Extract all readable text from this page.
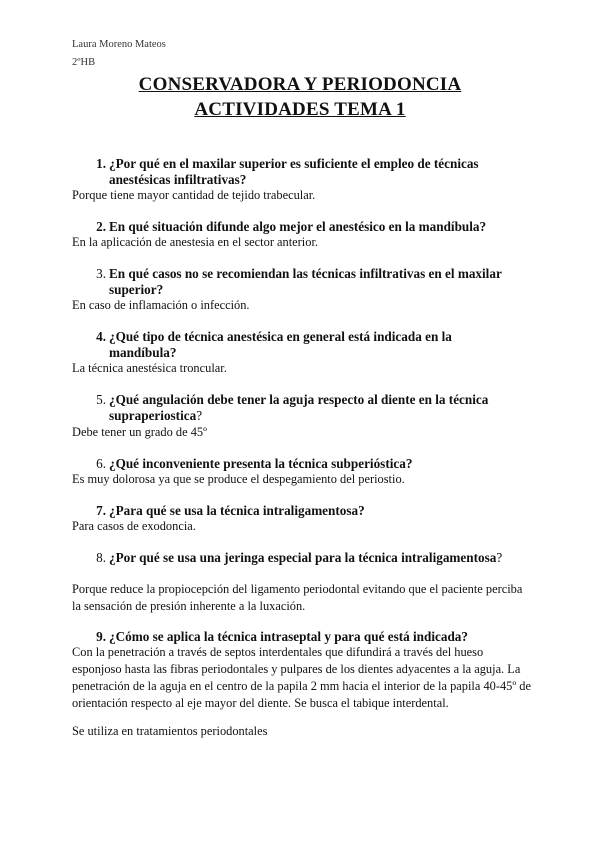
Laura Moreno Mateos
2ºHB
CONSERVADORA Y PERIODONCIA
ACTIVIDADES TEMA 1
1. ¿Por qué en el maxilar superior es suficiente el empleo de técnicas anestésicas infiltrativas?
Porque tiene mayor cantidad de tejido trabecular.
2. En qué situación difunde algo mejor el anestésico en la mandíbula?
En la aplicación de anestesia en el sector anterior.
3. En qué casos no se recomiendan las técnicas infiltrativas en el maxilar superior?
En caso de inflamación o infección.
4. ¿Qué tipo de técnica anestésica en general está indicada en la mandíbula?
La técnica anestésica troncular.
5. ¿Qué angulación debe tener la aguja respecto al diente en la técnica supraperiostica?
Debe tener un grado de 45º
6. ¿Qué inconveniente presenta la técnica subperióstica?
Es muy dolorosa ya que se produce el despegamiento del periostio.
7. ¿Para qué se usa la técnica intraligamentosa?
Para casos de exodoncia.
8. ¿Por qué se usa una jeringa especial para la técnica intraligamentosa?
Porque reduce la propiocepción del ligamento periodontal evitando que el paciente perciba la sensación de presión inherente a la luxación.
9. ¿Cómo se aplica la técnica intraseptal y para qué está indicada?
Con la penetración a través de septos interdentales que difundirá a través del hueso esponjoso hasta las fibras periodontales y pulpares de los dientes adyacentes a la aguja. La penetración de la aguja en el centro de la papila 2 mm hacia el interior de la papila 40-45º de orientación respecto al eje mayor del diente. Se busca el tabique interdental.
Se utiliza en tratamientos periodontales
